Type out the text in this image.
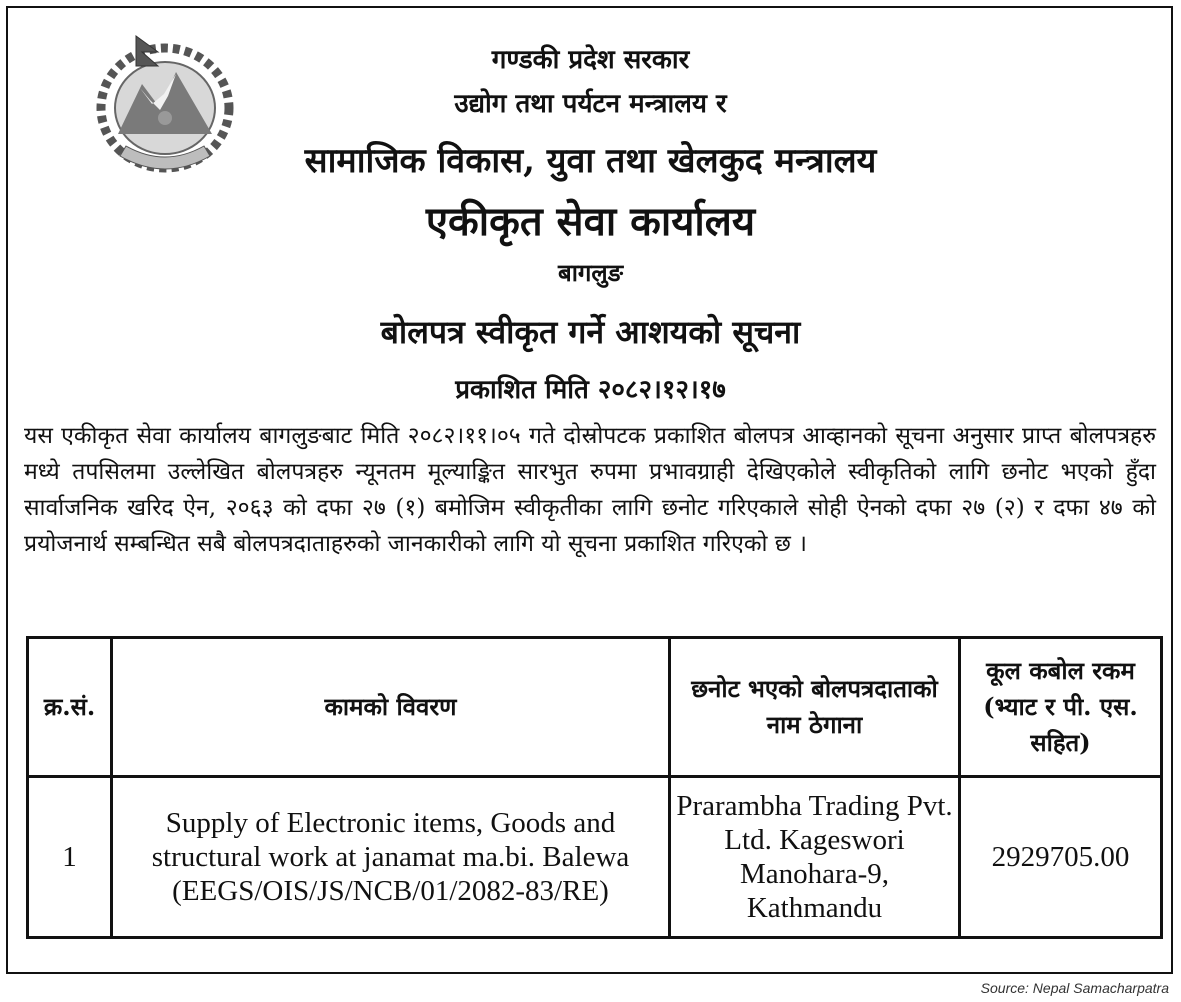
गण्डकी प्रदेश सरकार
उद्योग तथा पर्यटन मन्त्रालय र
सामाजिक विकास, युवा तथा खेलकुद मन्त्रालय
एकीकृत सेवा कार्यालय
बागलुङ
बोलपत्र स्वीकृत गर्ने आशयको सूचना
प्रकाशित मिति २०८२।१२।१७
यस एकीकृत सेवा कार्यालय बागलुङबाट मिति २०८२।११।०५ गते दोस्रोपटक प्रकाशित बोलपत्र आव्हानको सूचना अनुसार प्राप्त बोलपत्रहरु मध्ये तपसिलमा उल्लेखित बोलपत्रहरु न्यूनतम मूल्याङ्कित सारभुत रुपमा प्रभावग्राही देखिएकोले स्वीकृतिको लागि छनोट भएको हुँदा सार्वाजनिक खरिद ऐन, २०६३ को दफा २७ (१) बमोजिम स्वीकृतीका लागि छनोट गरिएकाले सोही ऐनको दफा २७ (२) र दफा ४७ को प्रयोजनार्थ सम्बन्धित सबै बोलपत्रदाताहरुको जानकारीको लागि यो सूचना प्रकाशित गरिएको छ ।
क्र.सं.	कामको विवरण	छनोट भएको बोलपत्रदाताको नाम ठेगाना	कूल कबोल रकम (भ्याट र पी. एस. सहित)
1	Supply of Electronic items, Goods and structural work at janamat ma.bi. Balewa (EEGS/OIS/JS/NCB/01/2082-83/RE)	Prarambha Trading Pvt. Ltd. Kageswori Manohara-9, Kathmandu	2929705.00
Source: Nepal Samacharpatra
